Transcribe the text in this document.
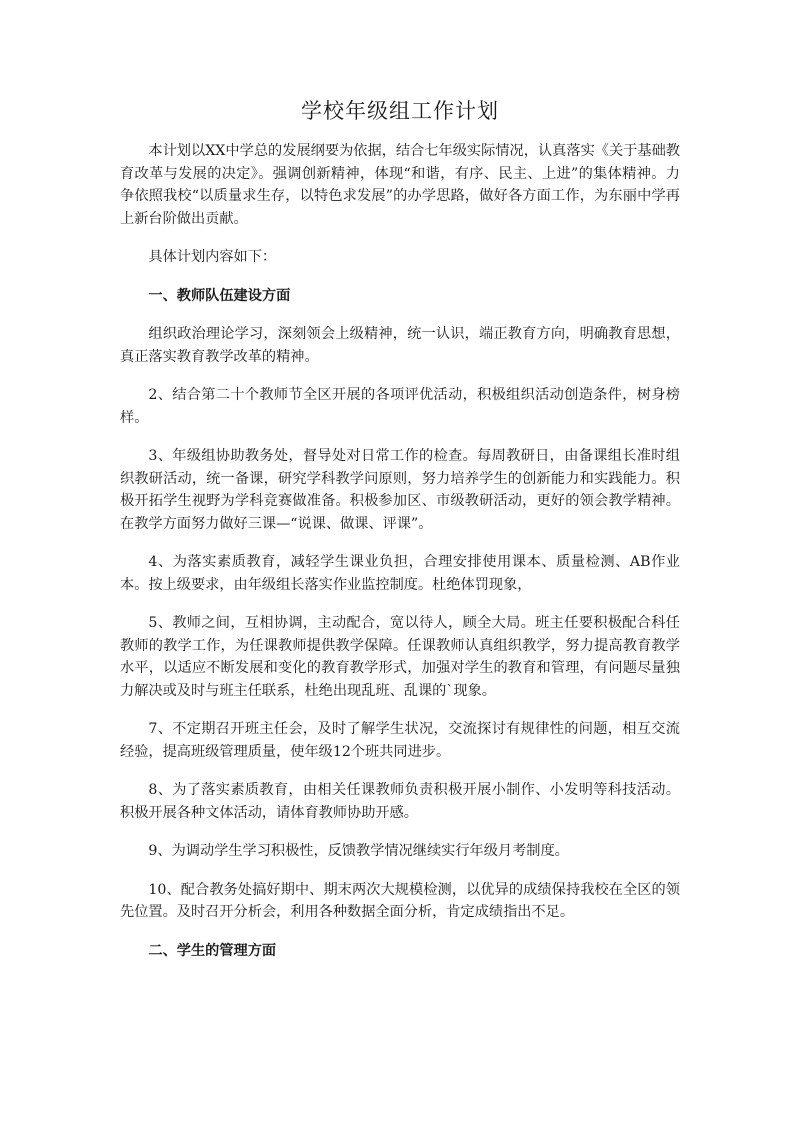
学校年级组工作计划

本计划以XX中学总的发展纲要为依据，结合七年级实际情况，认真落实《关于基础教育改革与发展的决定》。强调创新精神，体现“和谐，有序、民主、上进”的集体精神。力争依照我校“以质量求生存，以特色求发展”的办学思路，做好各方面工作，为东丽中学再上新台阶做出贡献。

具体计划内容如下：

一、教师队伍建设方面

组织政治理论学习，深刻领会上级精神，统一认识，端正教育方向，明确教育思想，真正落实教育教学改革的精神。

2、结合第二十个教师节全区开展的各项评优活动，积极组织活动创造条件，树身榜样。

3、年级组协助教务处，督导处对日常工作的检查。每周教研日，由备课组长准时组织教研活动，统一备课，研究学科教学问原则，努力培养学生的创新能力和实践能力。积极开拓学生视野为学科竞赛做准备。积极参加区、市级教研活动，更好的领会教学精神。在教学方面努力做好三课—“说课、做课、评课”。

4、为落实素质教育，减轻学生课业负担，合理安排使用课本、质量检测、AB作业本。按上级要求，由年级组长落实作业监控制度。杜绝体罚现象，

5、教师之间，互相协调，主动配合，宽以待人，顾全大局。班主任要积极配合科任教师的教学工作，为任课教师提供教学保障。任课教师认真组织教学，努力提高教育教学水平，以适应不断发展和变化的教育教学形式，加强对学生的教育和管理，有问题尽量独力解决或及时与班主任联系，杜绝出现乱班、乱课的`现象。

7、不定期召开班主任会，及时了解学生状况，交流探讨有规律性的问题，相互交流经验，提高班级管理质量，使年级12个班共同进步。

8、为了落实素质教育，由相关任课教师负责积极开展小制作、小发明等科技活动。积极开展各种文体活动，请体育教师协助开感。

9、为调动学生学习积极性，反馈教学情况继续实行年级月考制度。

10、配合教务处搞好期中、期末两次大规模检测，以优异的成绩保持我校在全区的领先位置。及时召开分析会，利用各种数据全面分析，肯定成绩指出不足。

二、学生的管理方面
